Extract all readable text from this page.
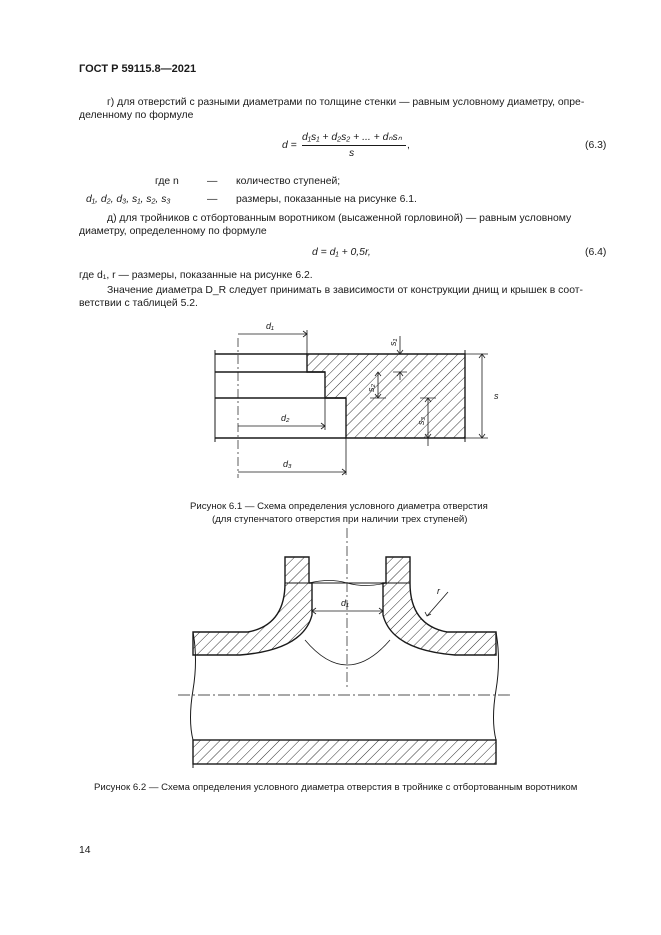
ГОСТ Р 59115.8—2021
г) для отверстий с разными диаметрами по толщине стенки — равным условному диаметру, опре-
деленному по формуле
d =
d₁s₁ + d₂s₂ + ... + dₙsₙ
s
,	(6.3)
где n	— количество ступеней;
d₁, d₂, d₃, s₁, s₂, s₃	— размеры, показанные на рисунке 6.1.
д) для тройников с отбортованным воротником (высаженной горловиной) — равным условному
диаметру, определенному по формуле
d = d₁ + 0,5r,	(6.4)
где d₁, r — размеры, показанные на рисунке 6.2.
Значение диаметра D_R следует принимать в зависимости от конструкции днищ и крышек в соот-
ветствии с таблицей 5.2.
d₁
d₂
d₃
s
s₁
s₂
s₃
d₁
r
Рисунок 6.1 — Схема определения условного диаметра отверстия
(для ступенчатого отверстия при наличии трех ступеней)
Рисунок 6.2 — Схема определения условного диаметра отверстия в тройнике с отбортованным воротником
14
